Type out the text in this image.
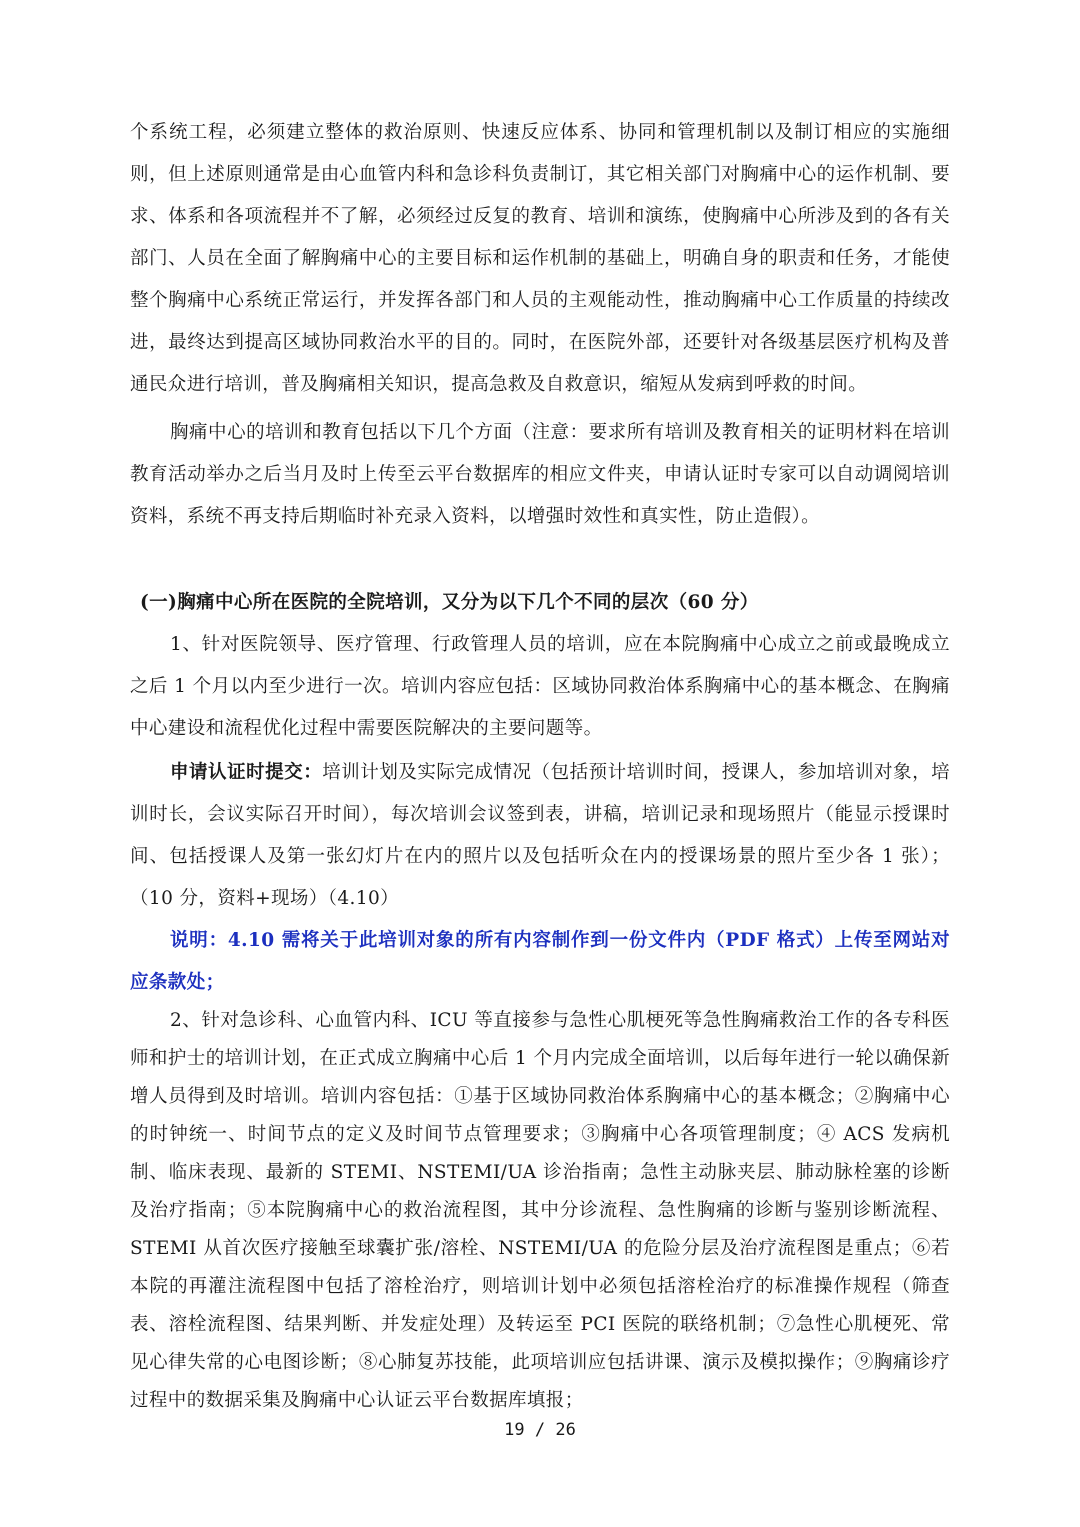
个系统工程，必须建立整体的救治原则、快速反应体系、协同和管理机制以及制订相应的实施细则，但上述原则通常是由心血管内科和急诊科负责制订，其它相关部门对胸痛中心的运作机制、要求、体系和各项流程并不了解，必须经过反复的教育、培训和演练，使胸痛中心所涉及到的各有关部门、人员在全面了解胸痛中心的主要目标和运作机制的基础上，明确自身的职责和任务，才能使整个胸痛中心系统正常运行，并发挥各部门和人员的主观能动性，推动胸痛中心工作质量的持续改进，最终达到提高区域协同救治水平的目的。同时，在医院外部，还要针对各级基层医疗机构及普通民众进行培训，普及胸痛相关知识，提高急救及自救意识，缩短从发病到呼救的时间。

胸痛中心的培训和教育包括以下几个方面（注意：要求所有培训及教育相关的证明材料在培训教育活动举办之后当月及时上传至云平台数据库的相应文件夹，申请认证时专家可以自动调阅培训资料，系统不再支持后期临时补充录入资料，以增强时效性和真实性，防止造假）。

(一)胸痛中心所在医院的全院培训，又分为以下几个不同的层次（60 分）

1、针对医院领导、医疗管理、行政管理人员的培训，应在本院胸痛中心成立之前或最晚成立之后 1 个月以内至少进行一次。培训内容应包括：区域协同救治体系胸痛中心的基本概念、在胸痛中心建设和流程优化过程中需要医院解决的主要问题等。

申请认证时提交：培训计划及实际完成情况（包括预计培训时间，授课人，参加培训对象，培训时长，会议实际召开时间），每次培训会议签到表，讲稿，培训记录和现场照片（能显示授课时间、包括授课人及第一张幻灯片在内的照片以及包括听众在内的授课场景的照片至少各 1 张）；（10 分，资料+现场）（4.10）

说明：4.10 需将关于此培训对象的所有内容制作到一份文件内（PDF 格式）上传至网站对应条款处；

2、针对急诊科、心血管内科、ICU 等直接参与急性心肌梗死等急性胸痛救治工作的各专科医师和护士的培训计划，在正式成立胸痛中心后 1 个月内完成全面培训，以后每年进行一轮以确保新增人员得到及时培训。培训内容包括：①基于区域协同救治体系胸痛中心的基本概念；②胸痛中心的时钟统一、时间节点的定义及时间节点管理要求；③胸痛中心各项管理制度；④ ACS 发病机制、临床表现、最新的 STEMI、NSTEMI/UA 诊治指南；急性主动脉夹层、肺动脉栓塞的诊断及治疗指南；⑤本院胸痛中心的救治流程图，其中分诊流程、急性胸痛的诊断与鉴别诊断流程、STEMI 从首次医疗接触至球囊扩张/溶栓、NSTEMI/UA 的危险分层及治疗流程图是重点；⑥若本院的再灌注流程图中包括了溶栓治疗，则培训计划中必须包括溶栓治疗的标准操作规程（筛查表、溶栓流程图、结果判断、并发症处理）及转运至 PCI 医院的联络机制；⑦急性心肌梗死、常见心律失常的心电图诊断；⑧心肺复苏技能，此项培训应包括讲课、演示及模拟操作；⑨胸痛诊疗过程中的数据采集及胸痛中心认证云平台数据库填报；

19 / 26
